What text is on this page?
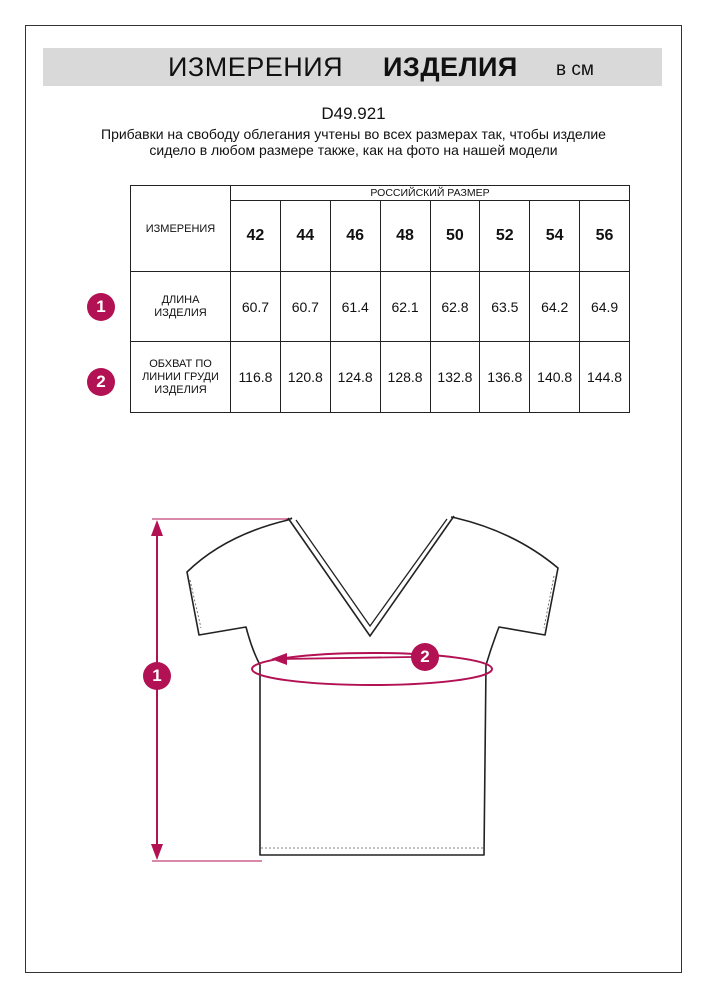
ИЗМЕРЕНИЯ ИЗДЕЛИЯ в см
D49.921
Прибавки на свободу облегания учтены во всех размерах так, чтобы изделие сидело в любом размере также, как на фото на нашей модели
ИЗМЕРЕНИЯ	РОССИЙСКИЙ РАЗМЕР							
	42	44	46	48	50	52	54	56
ДЛИНА
ИЗДЕЛИЯ	60.7	60.7	61.4	62.1	62.8	63.5	64.2	64.9
ОБХВАТ ПО
ЛИНИИ ГРУДИ
ИЗДЕЛИЯ	116.8	120.8	124.8	128.8	132.8	136.8	140.8	144.8
1
2
1
2
